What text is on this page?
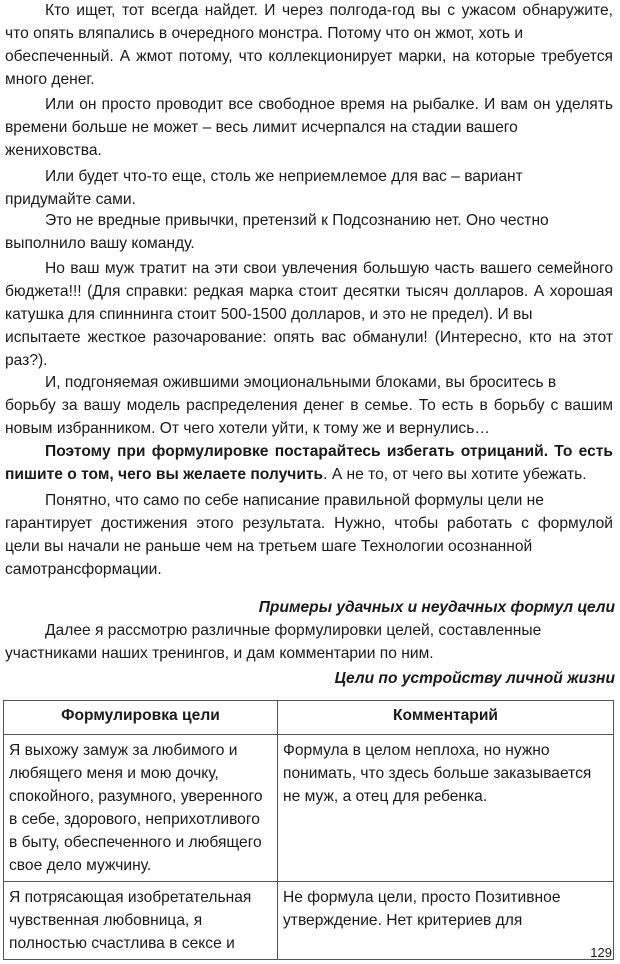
Кто ищет, тот всегда найдет. И через полгода-год вы с ужасом обнаружите,
что опять вляпались в очередного монстра. Потому что он жмот, хоть и
обеспеченный. А жмот потому, что коллекционирует марки, на которые требуется
много денег.
Или он просто проводит все свободное время на рыбалке. И вам он уделять
времени больше не может – весь лимит исчерпался на стадии вашего
жениховства.
Или будет что-то еще, столь же неприемлемое для вас – вариант
придумайте сами.
Это не вредные привычки, претензий к Подсознанию нет. Оно честно
выполнило вашу команду.
Но ваш муж тратит на эти свои увлечения большую часть вашего семейного
бюджета!!! (Для справки: редкая марка стоит десятки тысяч долларов. А хорошая
катушка для спиннинга стоит 500-1500 долларов, и это не предел). И вы
испытаете жесткое разочарование: опять вас обманули! (Интересно, кто на этот
раз?).
И, подгоняемая ожившими эмоциональными блоками, вы броситесь в
борьбу за вашу модель распределения денег в семье. То есть в борьбу с вашим
новым избранником. От чего хотели уйти, к тому же и вернулись…
Поэтому при формулировке постарайтесь избегать отрицаний. То есть
пишите о том, чего вы желаете получить. А не то, от чего вы хотите убежать.
Понятно, что само по себе написание правильной формулы цели не
гарантирует достижения этого результата. Нужно, чтобы работать с формулой
цели вы начали не раньше чем на третьем шаге Технологии осознанной
самотрансформации.
Примеры удачных и неудачных формул цели
Далее я рассмотрю различные формулировки целей, составленные
участниками наших тренингов, и дам комментарии по ним.
Цели по устройству личной жизни
Формулировка цели	Комментарий
Я выхожу замуж за любимого и любящего меня и мою дочку, спокойного, разумного, уверенного в себе, здорового, неприхотливого в быту, обеспеченного и любящего свое дело мужчину.	Формула в целом неплоха, но нужно понимать, что здесь больше заказывается не муж, а отец для ребенка.
Я потрясающая изобретательная чувственная любовница, я полностью счастлива в сексе и	Не формула цели, просто Позитивное утверждение. Нет критериев для
129
